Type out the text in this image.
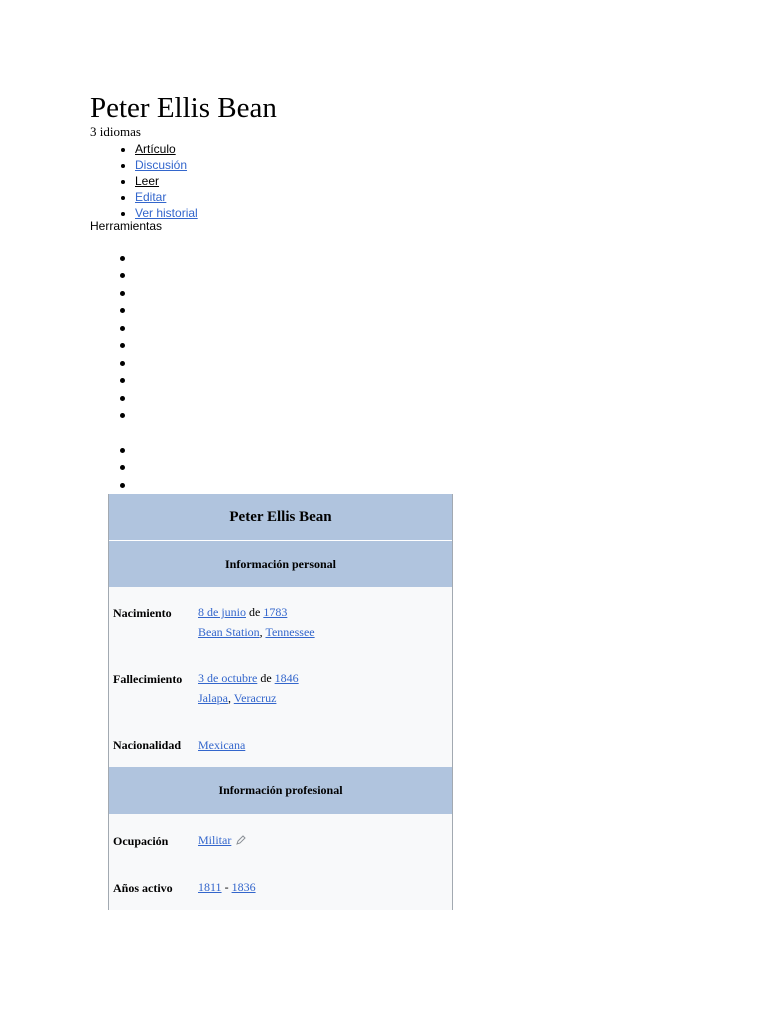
Peter Ellis Bean
3 idiomas
• Artículo
• Discusión
• Leer
• Editar
• Ver historial
Herramientas
Peter Ellis Bean
Información personal
Nacimiento 8 de junio de 1783
Bean Station, Tennessee
Fallecimiento 3 de octubre de 1846
Jalapa, Veracruz
Nacionalidad Mexicana
Información profesional
Ocupación Militar
Años activo 1811 - 1836
